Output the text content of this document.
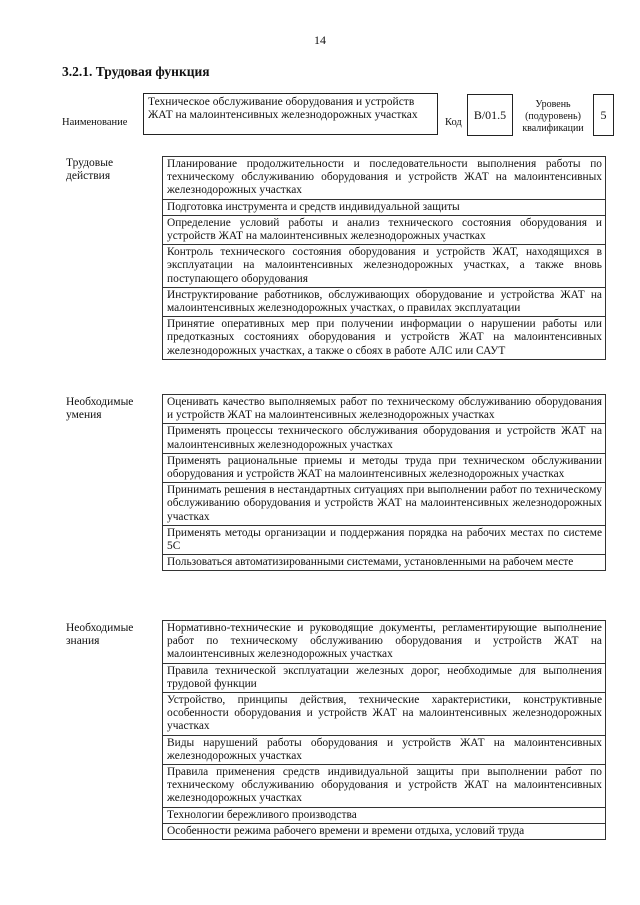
14
3.2.1. Трудовая функция
Наименование
Техническое обслуживание оборудования и устройств ЖАТ на малоинтенсивных железнодорожных участках
Код
B/01.5
Уровень (подуровень) квалификации
5
Трудовые действия
Планирование продолжительности и последовательности выполнения работы по техническому обслуживанию оборудования и устройств ЖАТ на малоинтенсивных железнодорожных участках
Подготовка инструмента и средств индивидуальной защиты
Определение условий работы и анализ технического состояния оборудования и устройств ЖАТ на малоинтенсивных железнодорожных участках
Контроль технического состояния оборудования и устройств ЖАТ, находящихся в эксплуатации на малоинтенсивных железнодорожных участках, а также вновь поступающего оборудования
Инструктирование работников, обслуживающих оборудование и устройства ЖАТ на малоинтенсивных железнодорожных участках, о правилах эксплуатации
Принятие оперативных мер при получении информации о нарушении работы или предотказных состояниях оборудования и устройств ЖАТ на малоинтенсивных железнодорожных участках, а также о сбоях в работе АЛС или САУТ
Необходимые умения
Оценивать качество выполняемых работ по техническому обслуживанию оборудования и устройств ЖАТ на малоинтенсивных железнодорожных участках
Применять процессы технического обслуживания оборудования и устройств ЖАТ на малоинтенсивных железнодорожных участках
Применять рациональные приемы и методы труда при техническом обслуживании оборудования и устройств ЖАТ на малоинтенсивных железнодорожных участках
Принимать решения в нестандартных ситуациях при выполнении работ по техническому обслуживанию оборудования и устройств ЖАТ на малоинтенсивных железнодорожных участках
Применять методы организации и поддержания порядка на рабочих местах по системе 5С
Пользоваться автоматизированными системами, установленными на рабочем месте
Необходимые знания
Нормативно-технические и руководящие документы, регламентирующие выполнение работ по техническому обслуживанию оборудования и устройств ЖАТ на малоинтенсивных железнодорожных участках
Правила технической эксплуатации железных дорог, необходимые для выполнения трудовой функции
Устройство, принципы действия, технические характеристики, конструктивные особенности оборудования и устройств ЖАТ на малоинтенсивных железнодорожных участках
Виды нарушений работы оборудования и устройств ЖАТ на малоинтенсивных железнодорожных участках
Правила применения средств индивидуальной защиты при выполнении работ по техническому обслуживанию оборудования и устройств ЖАТ на малоинтенсивных железнодорожных участках
Технологии бережливого производства
Особенности режима рабочего времени и времени отдыха, условий труда
